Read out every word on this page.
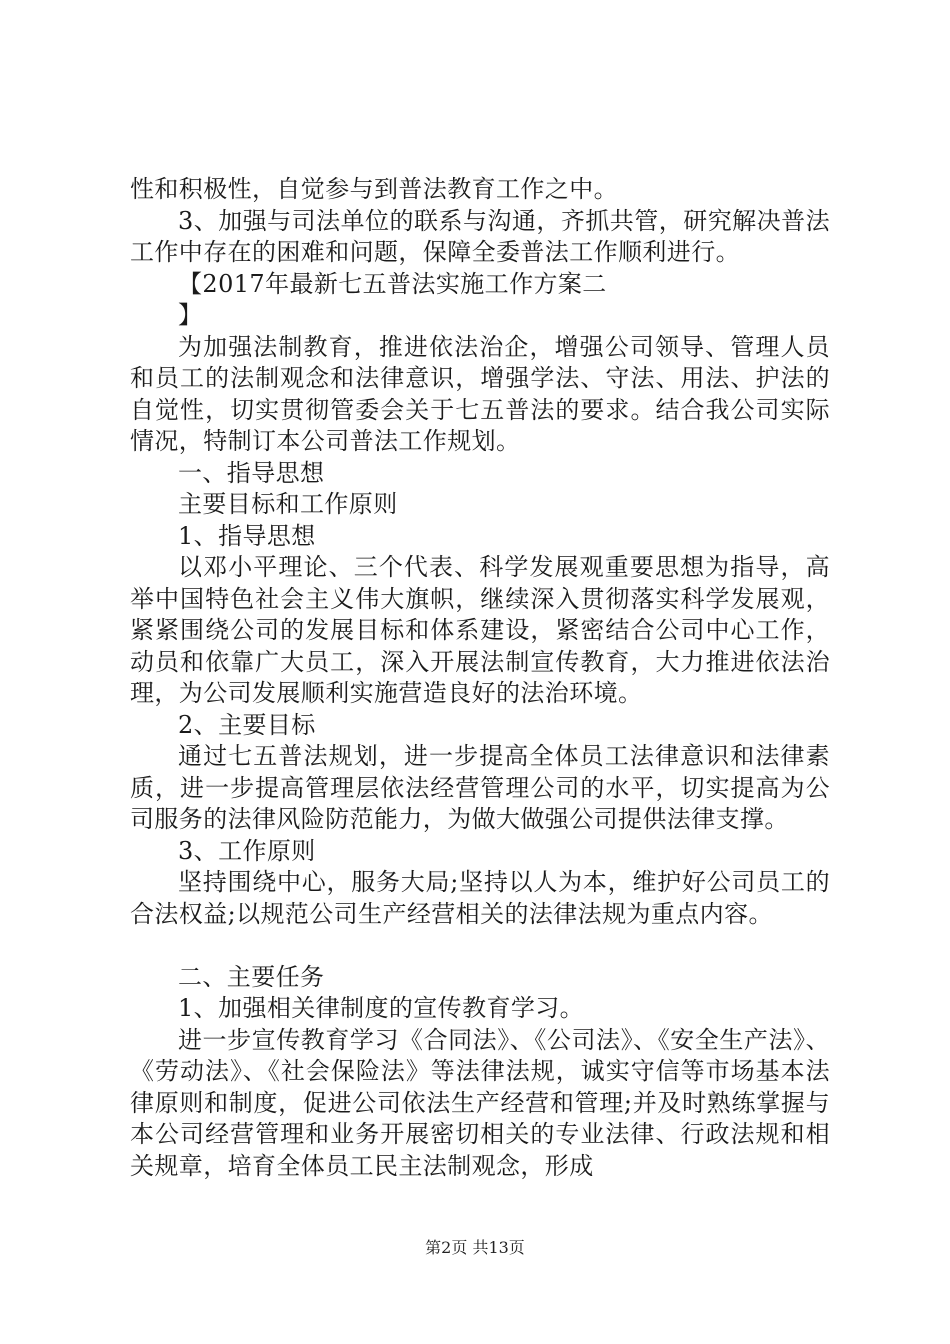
性和积极性，自觉参与到普法教育工作之中。

3、加强与司法单位的联系与沟通，齐抓共管，研究解决普法工作中存在的困难和问题，保障全委普法工作顺利进行。

【2017年最新七五普法实施工作方案二

】

为加强法制教育，推进依法治企，增强公司领导、管理人员和员工的法制观念和法律意识，增强学法、守法、用法、护法的自觉性，切实贯彻管委会关于七五普法的要求。结合我公司实际情况，特制订本公司普法工作规划。

一、指导思想

主要目标和工作原则

1、指导思想

以邓小平理论、三个代表、科学发展观重要思想为指导，高举中国特色社会主义伟大旗帜，继续深入贯彻落实科学发展观，紧紧围绕公司的发展目标和体系建设，紧密结合公司中心工作，动员和依靠广大员工，深入开展法制宣传教育，大力推进依法治理，为公司发展顺利实施营造良好的法治环境。

2、主要目标

通过七五普法规划，进一步提高全体员工法律意识和法律素质，进一步提高管理层依法经营管理公司的水平，切实提高为公司服务的法律风险防范能力，为做大做强公司提供法律支撑。

3、工作原则

坚持围绕中心，服务大局;坚持以人为本，维护好公司员工的合法权益;以规范公司生产经营相关的法律法规为重点内容。

二、主要任务

1、加强相关律制度的宣传教育学习。

进一步宣传教育学习《合同法》、《公司法》、《安全生产法》、《劳动法》、《社会保险法》等法律法规，诚实守信等市场基本法律原则和制度，促进公司依法生产经营和管理;并及时熟练掌握与本公司经营管理和业务开展密切相关的专业法律、行政法规和相关规章，培育全体员工民主法制观念，形成

第2页 共13页
